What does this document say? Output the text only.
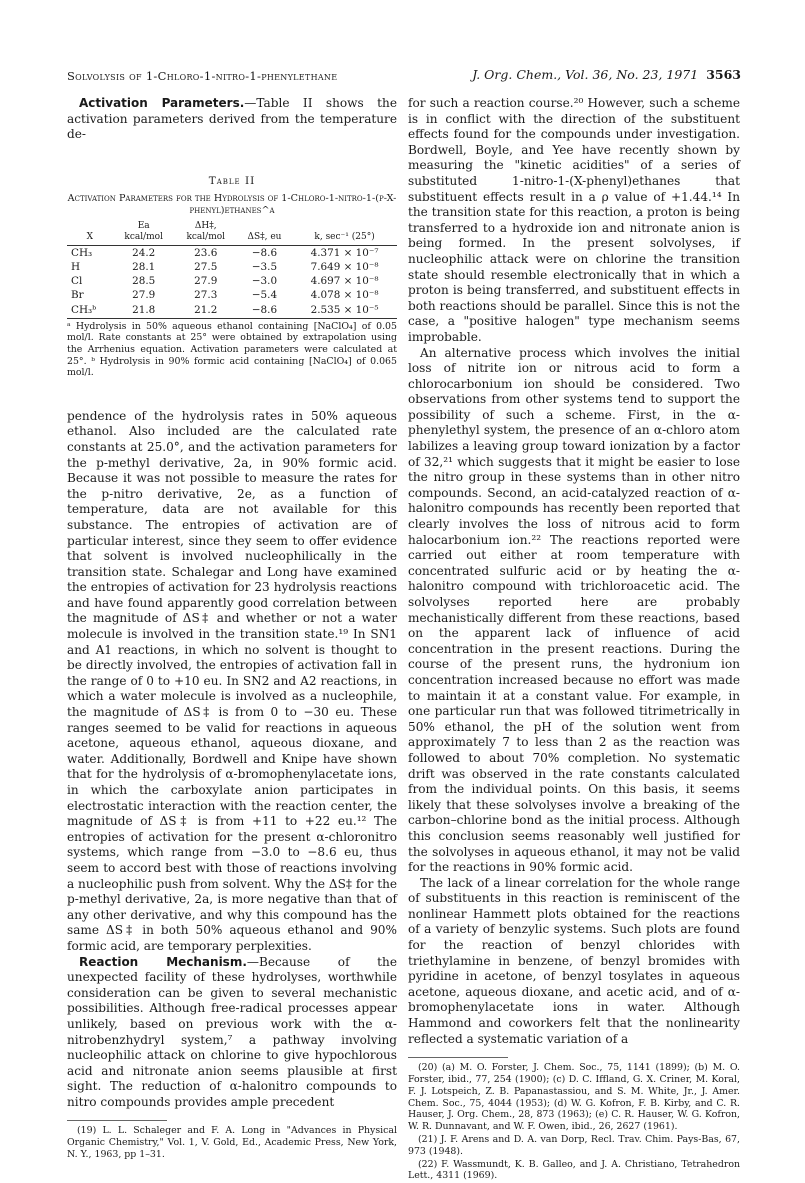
Solvolysis of 1-Chloro-1-nitro-1-phenylethane	J. Org. Chem., Vol. 36, No. 23, 1971 3563

Activation Parameters.—Table II shows the activation parameters derived from the temperature de-

Table II
Activation Parameters for the Hydrolysis of 1-Chloro-1-nitro-1-(p-X-phenyl)ethanes^a
	Ea	ΔH‡,		
X	kcal/mol	kcal/mol	ΔS‡, eu	k, sec⁻¹ (25°)
CH₃	24.2	23.6	−8.6	4.371 × 10⁻⁷
H	28.1	27.5	−3.5	7.649 × 10⁻⁸
Cl	28.5	27.9	−3.0	4.697 × 10⁻⁸
Br	27.9	27.3	−5.4	4.078 × 10⁻⁸
CH₃ᵇ	21.8	21.2	−8.6	2.535 × 10⁻⁵
ᵃ Hydrolysis in 50% aqueous ethanol containing [NaClO₄] of 0.05 mol/l. Rate constants at 25° were obtained by extrapolation using the Arrhenius equation. Activation parameters were calculated at 25°. ᵇ Hydrolysis in 90% formic acid containing [NaClO₄] of 0.065 mol/l.

pendence of the hydrolysis rates in 50% aqueous ethanol. Also included are the calculated rate constants at 25.0°, and the activation parameters for the p-methyl derivative, 2a, in 90% formic acid. Because it was not possible to measure the rates for the p-nitro derivative, 2e, as a function of temperature, data are not available for this substance. The entropies of activation are of particular interest, since they seem to offer evidence that solvent is involved nucleophilically in the transition state. Schalegar and Long have examined the entropies of activation for 23 hydrolysis reactions and have found apparently good correlation between the magnitude of ΔS‡ and whether or not a water molecule is involved in the transition state.¹⁹ In SN1 and A1 reactions, in which no solvent is thought to be directly involved, the entropies of activation fall in the range of 0 to +10 eu. In SN2 and A2 reactions, in which a water molecule is involved as a nucleophile, the magnitude of ΔS‡ is from 0 to −30 eu. These ranges seemed to be valid for reactions in aqueous acetone, aqueous ethanol, aqueous dioxane, and water. Additionally, Bordwell and Knipe have shown that for the hydrolysis of α-bromophenylacetate ions, in which the carboxylate anion participates in electrostatic interaction with the reaction center, the magnitude of ΔS‡ is from +11 to +22 eu.¹² The entropies of activation for the present α-chloronitro systems, which range from −3.0 to −8.6 eu, thus seem to accord best with those of reactions involving a nucleophilic push from solvent. Why the ΔS‡ for the p-methyl derivative, 2a, is more negative than that of any other derivative, and why this compound has the same ΔS‡ in both 50% aqueous ethanol and 90% formic acid, are temporary perplexities.

Reaction Mechanism.—Because of the unexpected facility of these hydrolyses, worthwhile consideration can be given to several mechanistic possibilities. Although free-radical processes appear unlikely, based on previous work with the α-nitrobenzhydryl system,⁷ a pathway involving nucleophilic attack on chlorine to give hypochlorous acid and nitronate anion seems plausible at first sight. The reduction of α-halonitro compounds to nitro compounds provides ample precedent

(19) L. L. Schaleger and F. A. Long in "Advances in Physical Organic Chemistry," Vol. 1, V. Gold, Ed., Academic Press, New York, N. Y., 1963, pp 1–31.

for such a reaction course.²⁰ However, such a scheme is in conflict with the direction of the substituent effects found for the compounds under investigation. Bordwell, Boyle, and Yee have recently shown by measuring the "kinetic acidities" of a series of substituted 1-nitro-1-(X-phenyl)ethanes that substituent effects result in a ρ value of +1.44.¹⁴ In the transition state for this reaction, a proton is being transferred to a hydroxide ion and nitronate anion is being formed. In the present solvolyses, if nucleophilic attack were on chlorine the transition state should resemble electronically that in which a proton is being transferred, and substituent effects in both reactions should be parallel. Since this is not the case, a "positive halogen" type mechanism seems improbable.

An alternative process which involves the initial loss of nitrite ion or nitrous acid to form a chlorocarbonium ion should be considered. Two observations from other systems tend to support the possibility of such a scheme. First, in the α-phenylethyl system, the presence of an α-chloro atom labilizes a leaving group toward ionization by a factor of 32,²¹ which suggests that it might be easier to lose the nitro group in these systems than in other nitro compounds. Second, an acid-catalyzed reaction of α-halonitro compounds has recently been reported that clearly involves the loss of nitrous acid to form halocarbonium ion.²² The reactions reported were carried out either at room temperature with concentrated sulfuric acid or by heating the α-halonitro compound with trichloroacetic acid. The solvolyses reported here are probably mechanistically different from these reactions, based on the apparent lack of influence of acid concentration in the present reactions. During the course of the present runs, the hydronium ion concentration increased because no effort was made to maintain it at a constant value. For example, in one particular run that was followed titrimetrically in 50% ethanol, the pH of the solution went from approximately 7 to less than 2 as the reaction was followed to about 70% completion. No systematic drift was observed in the rate constants calculated from the individual points. On this basis, it seems likely that these solvolyses involve a breaking of the carbon–chlorine bond as the initial process. Although this conclusion seems reasonably well justified for the solvolyses in aqueous ethanol, it may not be valid for the reactions in 90% formic acid.

The lack of a linear correlation for the whole range of substituents in this reaction is reminiscent of the nonlinear Hammett plots obtained for the reactions of a variety of benzylic systems. Such plots are found for the reaction of benzyl chlorides with triethylamine in benzene, of benzyl bromides with pyridine in acetone, of benzyl tosylates in aqueous acetone, aqueous dioxane, and acetic acid, and of α-bromophenylacetate ions in water. Although Hammond and coworkers felt that the nonlinearity reflected a systematic variation of a

(20) (a) M. O. Forster, J. Chem. Soc., 75, 1141 (1899); (b) M. O. Forster, ibid., 77, 254 (1900); (c) D. C. Iffland, G. X. Criner, M. Koral, F. J. Lotspeich, Z. B. Papanastassiou, and S. M. White, Jr., J. Amer. Chem. Soc., 75, 4044 (1953); (d) W. G. Kofron, F. B. Kirby, and C. R. Hauser, J. Org. Chem., 28, 873 (1963); (e) C. R. Hauser, W. G. Kofron, W. R. Dunnavant, and W. F. Owen, ibid., 26, 2627 (1961).

(21) J. F. Arens and D. A. van Dorp, Recl. Trav. Chim. Pays-Bas, 67, 973 (1948).

(22) F. Wassmundt, K. B. Galleo, and J. A. Christiano, Tetrahedron Lett., 4311 (1969).
